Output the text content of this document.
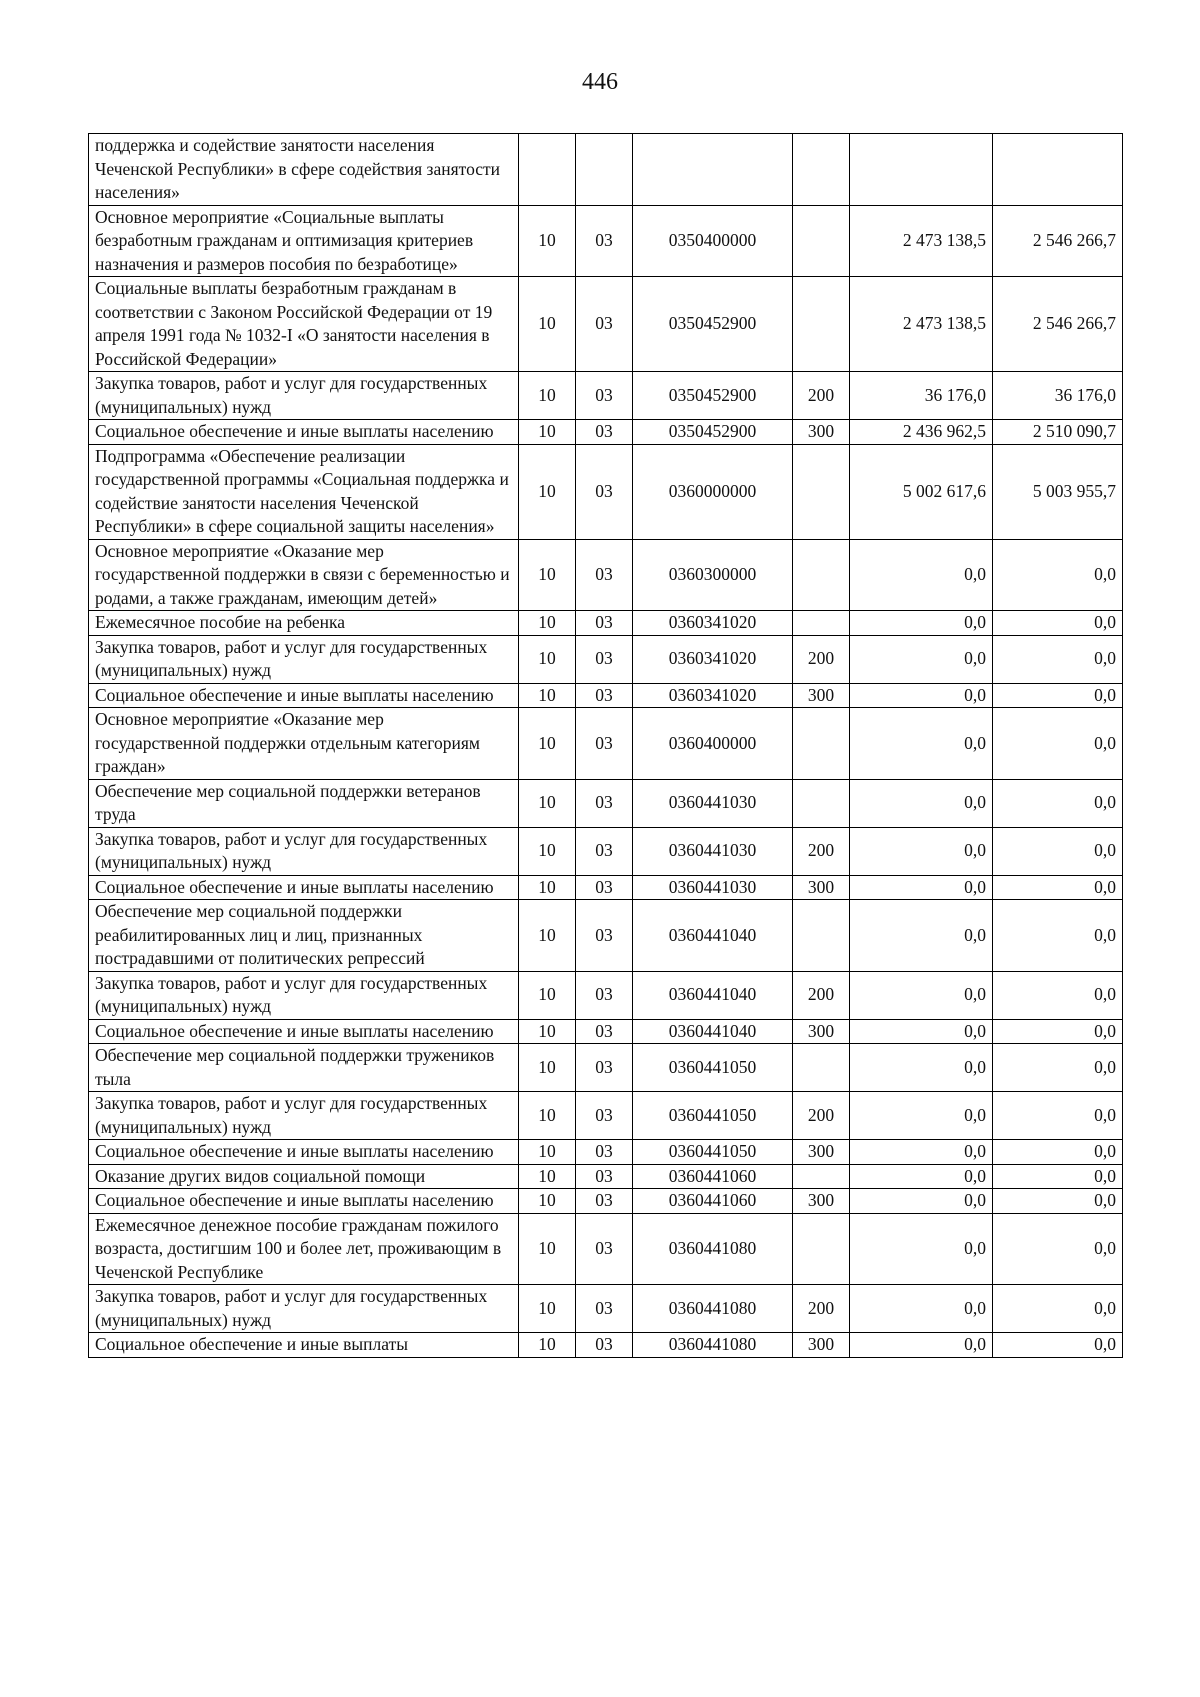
446
поддержка и содействие занятости населения Чеченской Республики» в сфере содействия занятости населения»						
Основное мероприятие «Социальные выплаты безработным гражданам и оптимизация критериев назначения и размеров пособия по безработице»	10	03	0350400000		2 473 138,5	2 546 266,7
Социальные выплаты безработным гражданам в соответствии с Законом Российской Федерации от 19 апреля 1991 года № 1032-I «О занятости населения в Российской Федерации»	10	03	0350452900		2 473 138,5	2 546 266,7
Закупка товаров, работ и услуг для государственных (муниципальных) нужд	10	03	0350452900	200	36 176,0	36 176,0
Социальное обеспечение и иные выплаты населению	10	03	0350452900	300	2 436 962,5	2 510 090,7
Подпрограмма «Обеспечение реализации государственной программы «Социальная поддержка и содействие занятости населения Чеченской Республики» в сфере социальной защиты населения»	10	03	0360000000		5 002 617,6	5 003 955,7
Основное мероприятие «Оказание мер государственной поддержки в связи с беременностью и родами, а также гражданам, имеющим детей»	10	03	0360300000		0,0	0,0
Ежемесячное пособие на ребенка	10	03	0360341020		0,0	0,0
Закупка товаров, работ и услуг для государственных (муниципальных) нужд	10	03	0360341020	200	0,0	0,0
Социальное обеспечение и иные выплаты населению	10	03	0360341020	300	0,0	0,0
Основное мероприятие «Оказание мер государственной поддержки отдельным категориям граждан»	10	03	0360400000		0,0	0,0
Обеспечение мер социальной поддержки ветеранов труда	10	03	0360441030		0,0	0,0
Закупка товаров, работ и услуг для государственных (муниципальных) нужд	10	03	0360441030	200	0,0	0,0
Социальное обеспечение и иные выплаты населению	10	03	0360441030	300	0,0	0,0
Обеспечение мер социальной поддержки реабилитированных лиц и лиц, признанных пострадавшими от политических репрессий	10	03	0360441040		0,0	0,0
Закупка товаров, работ и услуг для государственных (муниципальных) нужд	10	03	0360441040	200	0,0	0,0
Социальное обеспечение и иные выплаты населению	10	03	0360441040	300	0,0	0,0
Обеспечение мер социальной поддержки тружеников тыла	10	03	0360441050		0,0	0,0
Закупка товаров, работ и услуг для государственных (муниципальных) нужд	10	03	0360441050	200	0,0	0,0
Социальное обеспечение и иные выплаты населению	10	03	0360441050	300	0,0	0,0
Оказание других видов социальной помощи	10	03	0360441060		0,0	0,0
Социальное обеспечение и иные выплаты населению	10	03	0360441060	300	0,0	0,0
Ежемесячное денежное пособие гражданам пожилого возраста, достигшим 100 и более лет, проживающим в Чеченской Республике	10	03	0360441080		0,0	0,0
Закупка товаров, работ и услуг для государственных (муниципальных) нужд	10	03	0360441080	200	0,0	0,0
Социальное обеспечение и иные выплаты	10	03	0360441080	300	0,0	0,0
